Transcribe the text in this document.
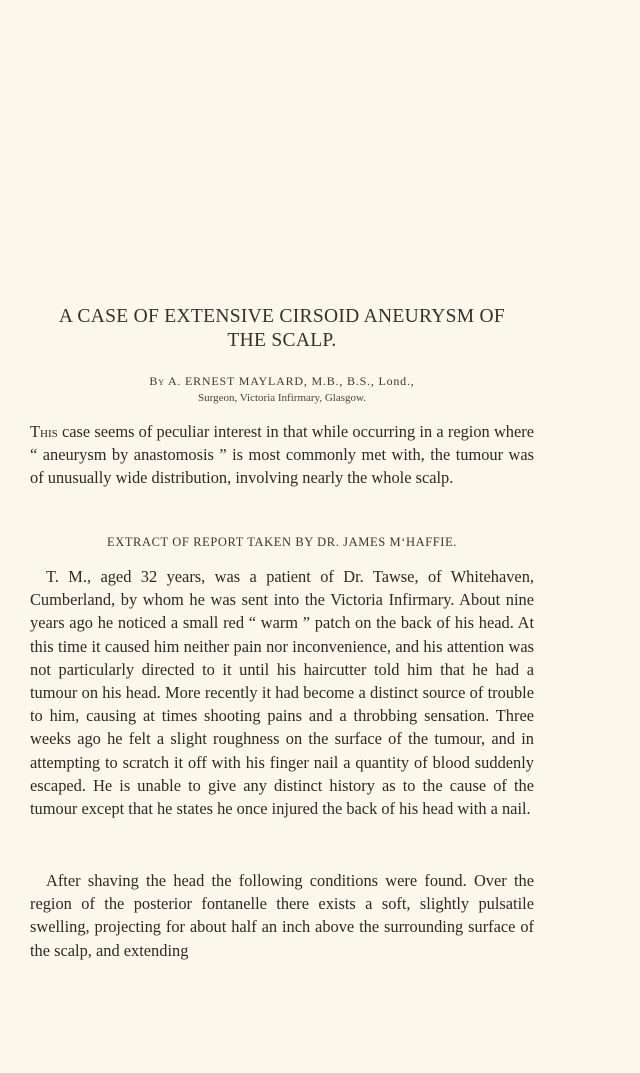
A CASE OF EXTENSIVE CIRSOID ANEURYSM OF
THE SCALP.
By A. ERNEST MAYLARD, M.B., B.S., Lond.,
Surgeon, Victoria Infirmary, Glasgow.
This case seems of peculiar interest in that while occurring in a region where “ aneurysm by anastomosis ” is most commonly met with, the tumour was of unusually wide distribution, involving nearly the whole scalp.
EXTRACT OF REPORT TAKEN BY DR. JAMES M‘HAFFIE.
T. M., aged 32 years, was a patient of Dr. Tawse, of Whitehaven, Cumberland, by whom he was sent into the Victoria Infirmary. About nine years ago he noticed a small red “ warm ” patch on the back of his head. At this time it caused him neither pain nor inconvenience, and his attention was not particularly directed to it until his haircutter told him that he had a tumour on his head. More recently it had become a distinct source of trouble to him, causing at times shooting pains and a throbbing sensation. Three weeks ago he felt a slight roughness on the surface of the tumour, and in attempting to scratch it off with his finger nail a quantity of blood suddenly escaped. He is unable to give any distinct history as to the cause of the tumour except that he states he once injured the back of his head with a nail.
After shaving the head the following conditions were found. Over the region of the posterior fontanelle there exists a soft, slightly pulsatile swelling, projecting for about half an inch above the surrounding surface of the scalp, and extending
